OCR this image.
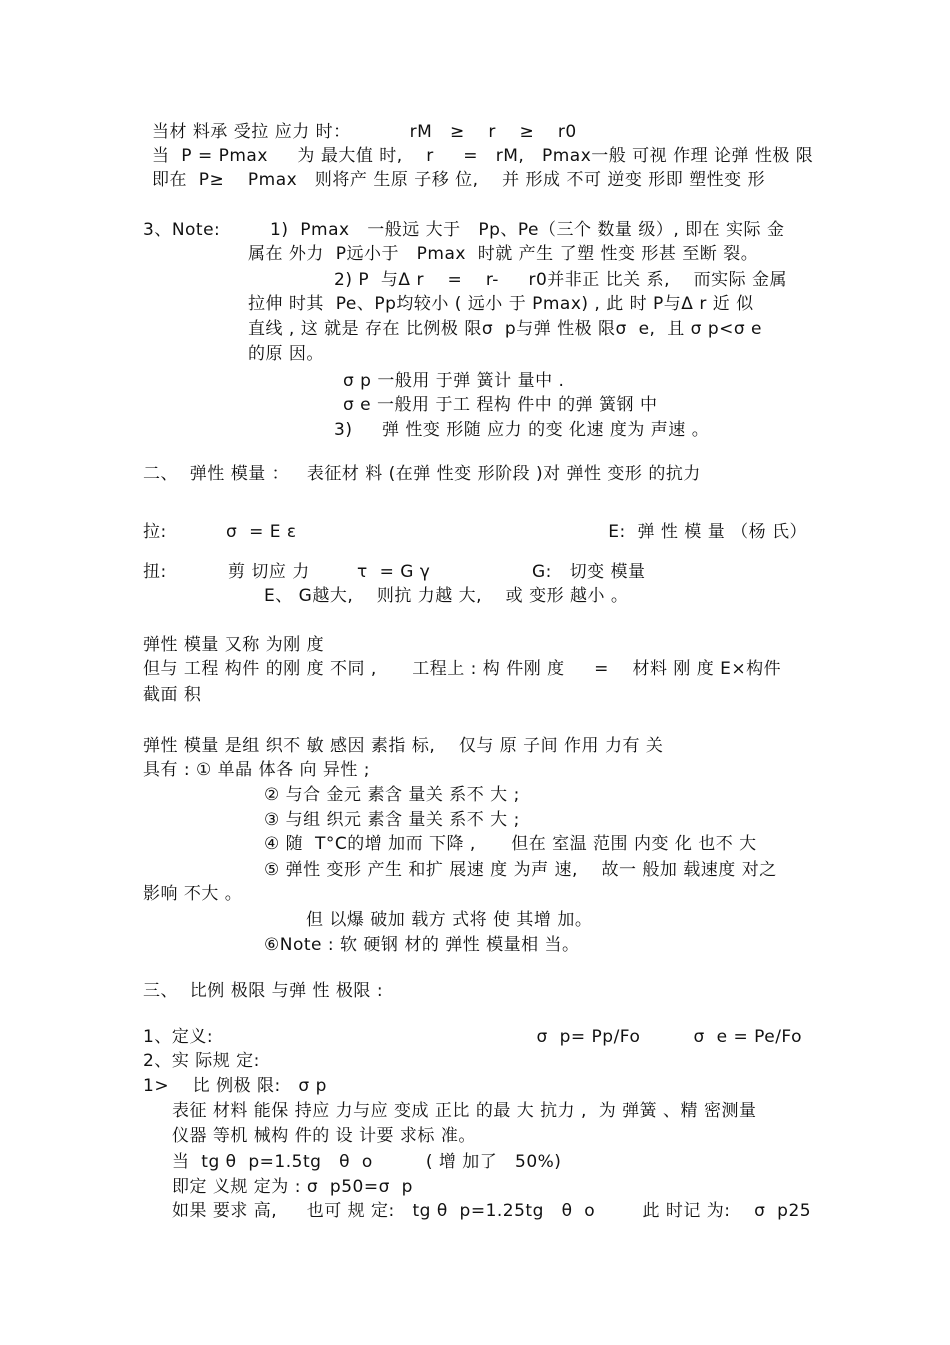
当材 料承 受拉 应力 时：          rM   ≥    r    ≥    r0
当  P = Pmax     为 最大值 时,    r     =   rM,   Pmax一般 可视 作理 论弹 性极 限
即在  P≥    Pmax   则将产 生原 子移 位,    并 形成 不可 逆变 形即 塑性变 形
3、Note:	1)  Pmax   一般远 大于   Pp、Pe（三个 数量 级）, 即在 实际 金
属在 外力  P远小于   Pmax  时就 产生 了塑 性变 形甚 至断 裂。
2) P  与Δ r    =    r-     r0并非正 比关 系,    而实际 金属
拉伸 时其  Pe、Pp均较小 ( 远小 于 Pmax) , 此 时 P与Δ r 近 似
直线 , 这 就是 存在 比例极 限σ  p与弹 性极 限σ  e,  且 σ p<σ e
的原 因。
σ p 一般用 于弹 簧计 量中 .
σ e 一般用 于工 程构 件中 的弹 簧钢 中
3)     弹 性变 形随 应力 的变 化速 度为 声速 。
二、  弹性 模量 ：   表征材 料 (在弹 性变 形阶段 )对 弹性 变形 的抗力
拉:	σ  = E ε	E:  弹 性 模 量 （杨 氏）
扭:	剪 切应 力        τ  = G γ	G:   切变 模量
E、 G越大,    则抗 力越 大,    或 变形 越小 。
弹性 模量 又称 为刚 度
但与 工程 构件 的刚 度 不同 ,      工程上 : 构 件刚 度     =    材料 刚 度 E×构件
截面 积
弹性 模量 是组 织不 敏 感因 素指 标,    仅与 原 子间 作用 力有 关
具有 : ① 单晶 体各 向 异性 ;
② 与合 金元 素含 量关 系不 大 ;
③ 与组 织元 素含 量关 系不 大 ;
④ 随  T°C的增 加而 下降 ,      但在 室温 范围 内变 化 也不 大
⑤ 弹性 变形 产生 和扩 展速 度 为声 速,    故一 般加 载速度 对之
影响 不大 。
但 以爆 破加 载方 式将 使 其增 加。
⑥Note : 软 硬钢 材的 弹性 模量相 当。
三、  比例 极限 与弹 性 极限 :
1、定义:	σ  p= Pp/Fo         σ  e = Pe/Fo
2、实 际规 定:
1>    比 例极 限:   σ p
表征 材料 能保 持应 力与应 变成 正比 的最 大 抗力 ,  为 弹簧 、精 密测量
仪器 等机 械构 件的 设 计要 求标 准。
当  tg θ  p=1.5tg   θ  o         ( 增 加了   50%)
即定 义规 定为 : σ  p50=σ  p
如果 要求 高,     也可 规 定:   tg θ  p=1.25tg   θ  o        此 时记 为:    σ  p25
